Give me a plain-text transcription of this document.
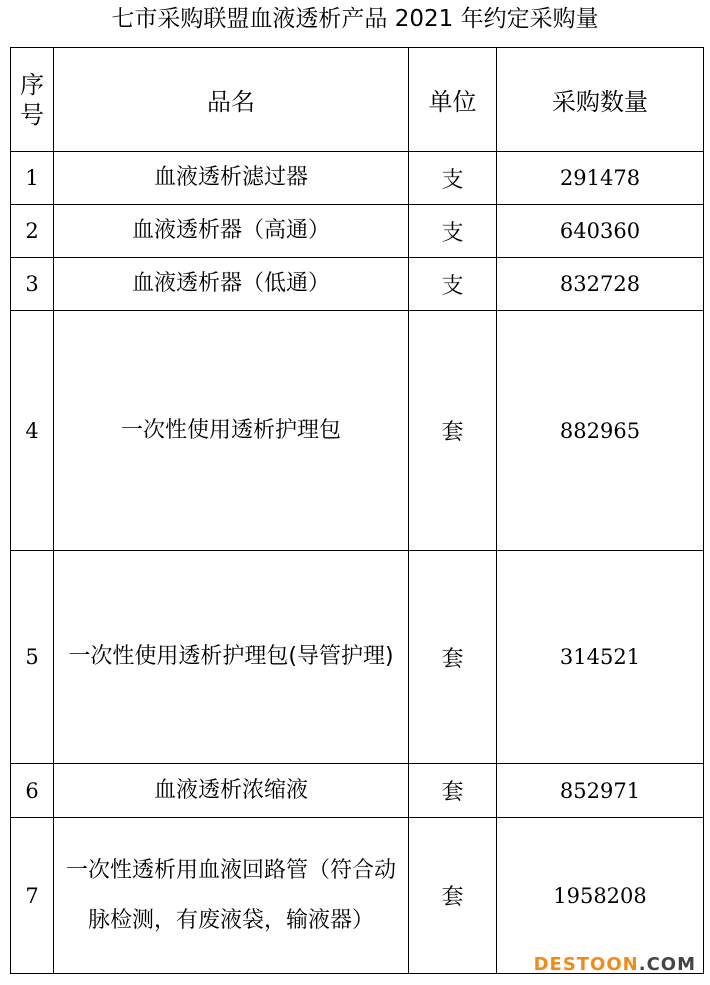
七市采购联盟血液透析产品 2021 年约定采购量
序号	品名	单位	采购数量
1	血液透析滤过器	支	291478
2	血液透析器（高通）	支	640360
3	血液透析器（低通）	支	832728
4	一次性使用透析护理包	套	882965
5	一次性使用透析护理包(导管护理)	套	314521
6	血液透析浓缩液	套	852971
7	一次性透析用血液回路管（符合动脉检测，有废液袋，输液器）	套	1958208
DESTOON.COM
